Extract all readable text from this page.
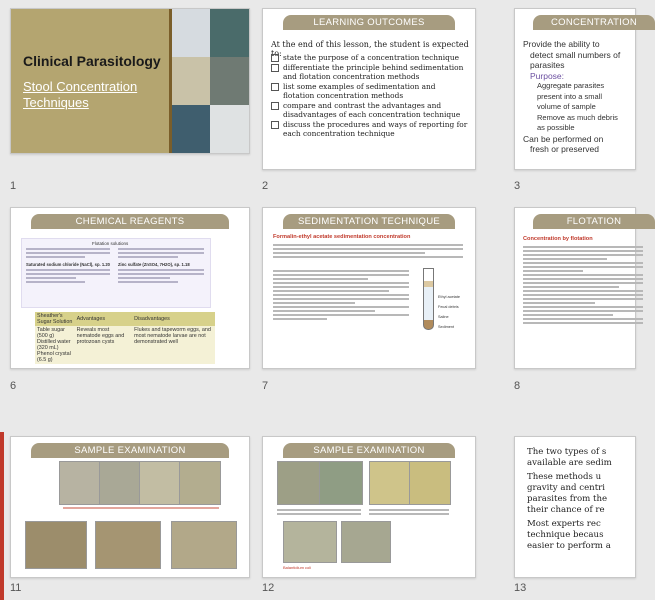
Clinical Parasitology
Stool Concentration Techniques
1
LEARNING OUTCOMES
At the end of this lesson, the student is expected to: state the purpose of a concentration technique
differentiate the principle behind sedimentation and flotation concentration methods
list some examples of sedimentation and flotation concentration methods
compare and contrast the advantages and disadvantages of each concentration technique
discuss the procedures and ways of reporting for each concentration technique
2
CONCENTRATION
Provide the ability to
detect small numbers of
parasites
Purpose:
Aggregate parasites
present into a small
volume of sample
Remove as much debris
as possible
Can be performed on
fresh or preserved
3
CHEMICAL REAGENTS
Flotation solutions
Saturated sodium chloride (NaCl), sp. 1.20 Zinc sulfate (ZnSO4, 7H2O), sp. 1.18
Sheather's Sugar Solution	Advantages	Disadvantages
Table sugar (500 g)
Distilled water (320 mL)
Phenol crystal (6.5 g)	Reveals most nematode eggs and protozoan cysts	Flukes and tapeworm eggs, and most nematode larvae are not demonstrated well
6
SEDIMENTATION TECHNIQUE
Formalin-ethyl acetate sedimentation concentration
Ethyl acetate
Fecal debris
Saline
Sediment
7
FLOTATION
Concentration by flotation
8
SAMPLE EXAMINATION
11
SAMPLE EXAMINATION
Balantidium coli
12
The two types of s
available are sedim
These methods u
gravity and centri
parasites from the
their chance of re
Most experts rec
technique becaus
easier to perform a
13
